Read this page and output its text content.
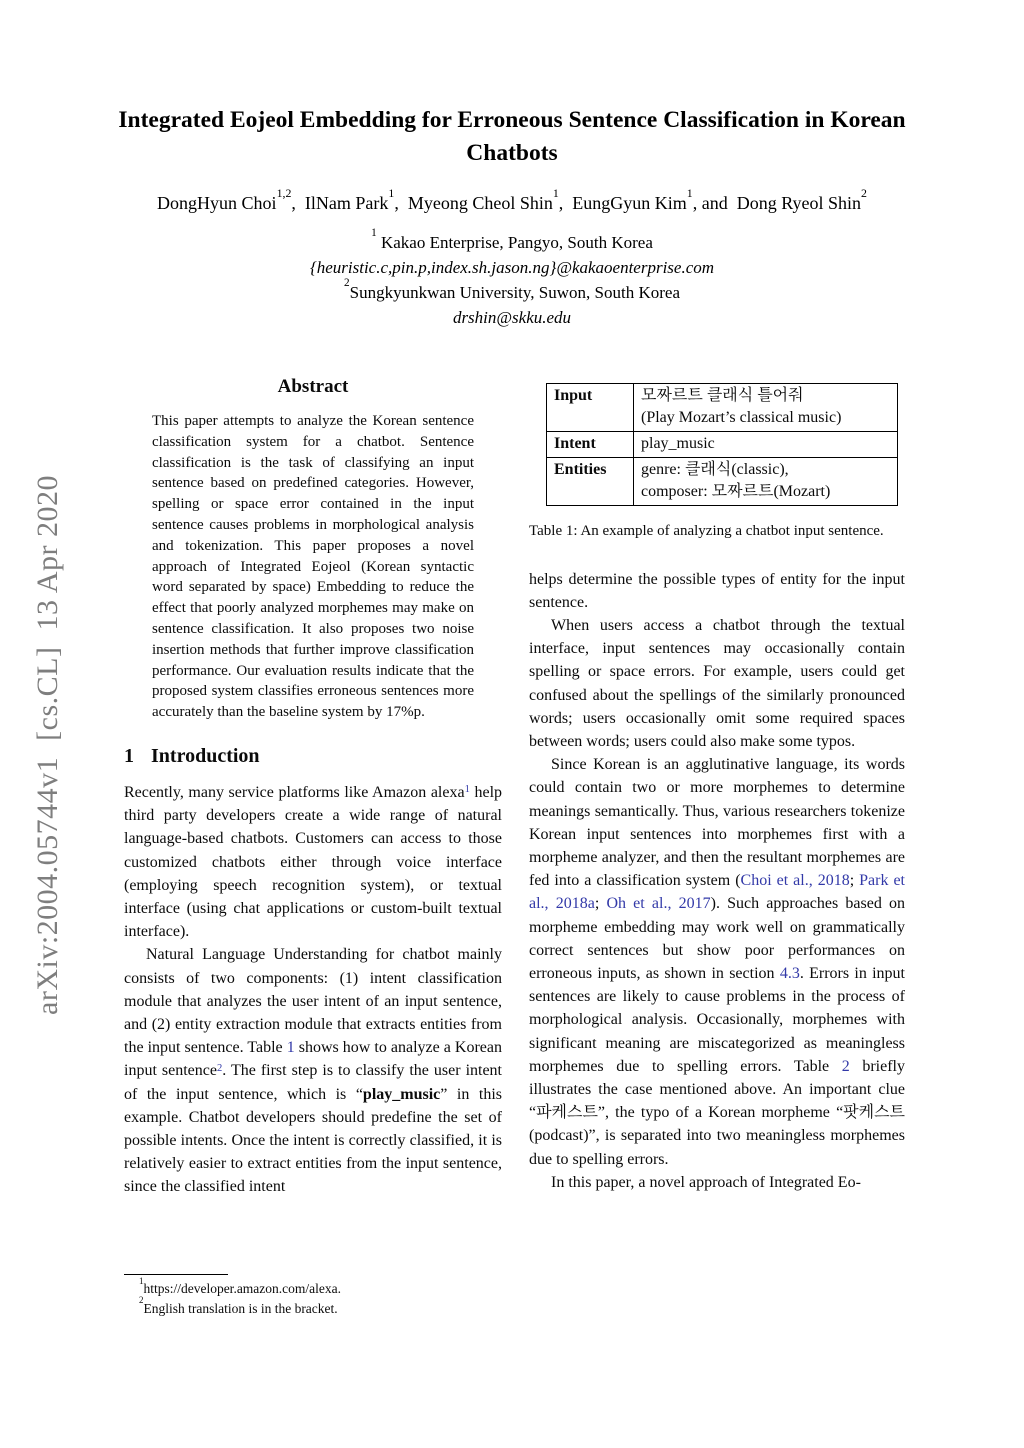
arXiv:2004.05744v1  [cs.CL]  13 Apr 2020
Integrated Eojeol Embedding for Erroneous Sentence Classification in Korean Chatbots
DongHyun Choi$^{1,2}$,  IlNam Park$^1$,  Myeong Cheol Shin$^1$,  EungGyun Kim$^1$, and  Dong Ryeol Shin$^2$
$^1$ Kakao Enterprise, Pangyo, South Korea
{heuristic.c,pin.p,index.sh.jason.ng}@kakaoenterprise.com
$^2$Sungkyunkwan University, Suwon, South Korea
drshin@skku.edu
Abstract
This paper attempts to analyze the Korean sentence classification system for a chatbot. Sentence classification is the task of classifying an input sentence based on predefined categories. However, spelling or space error contained in the input sentence causes problems in morphological analysis and tokenization. This paper proposes a novel approach of Integrated Eojeol (Korean syntactic word separated by space) Embedding to reduce the effect that poorly analyzed morphemes may make on sentence classification. It also proposes two noise insertion methods that further improve classification performance. Our evaluation results indicate that the proposed system classifies erroneous sentences more accurately than the baseline system by 17%p.
1 Introduction

Recently, many service platforms like Amazon alexa$^1$ help third party developers create a wide range of natural language-based chatbots. Customers can access to those customized chatbots either through voice interface (employing speech recognition system), or textual interface (using chat applications or custom-built textual interface).

Natural Language Understanding for chatbot mainly consists of two components: (1) intent classification module that analyzes the user intent of an input sentence, and (2) entity extraction module that extracts entities from the input sentence. Table 1 shows how to analyze a Korean input sentence$^2$. The first step is to classify the user intent of the input sentence, which is “play_music” in this example. Chatbot developers should predefine the set of possible intents. Once the intent is correctly classified, it is relatively easier to extract entities from the input sentence, since the classified intent

$^1$https://developer.amazon.com/alexa.
$^2$English translation is in the bracket.
Input	모짜르트 클래식 틀어줘
(Play Mozart’s classical music)

Intent	play_music

Entities	genre: 클래식(classic),
composer: 모짜르트(Mozart)
Table 1: An example of analyzing a chatbot input sentence.

helps determine the possible types of entity for the input sentence.

When users access a chatbot through the textual interface, input sentences may occasionally contain spelling or space errors. For example, users could get confused about the spellings of the similarly pronounced words; users occasionally omit some required spaces between words; users could also make some typos.

Since Korean is an agglutinative language, its words could contain two or more morphemes to determine meanings semantically. Thus, various researchers tokenize Korean input sentences into morphemes first with a morpheme analyzer, and then the resultant morphemes are fed into a classification system (Choi et al., 2018; Park et al., 2018a; Oh et al., 2017). Such approaches based on morpheme embedding may work well on grammatically correct sentences but show poor performances on erroneous inputs, as shown in section 4.3. Errors in input sentences are likely to cause problems in the process of morphological analysis. Occasionally, morphemes with significant meaning are miscategorized as meaningless morphemes due to spelling errors. Table 2 briefly illustrates the case mentioned above. An important clue “파케스트”, the typo of a Korean morpheme “팟케스트(podcast)”, is separated into two meaningless morphemes due to spelling errors.

In this paper, a novel approach of Integrated Eo-
